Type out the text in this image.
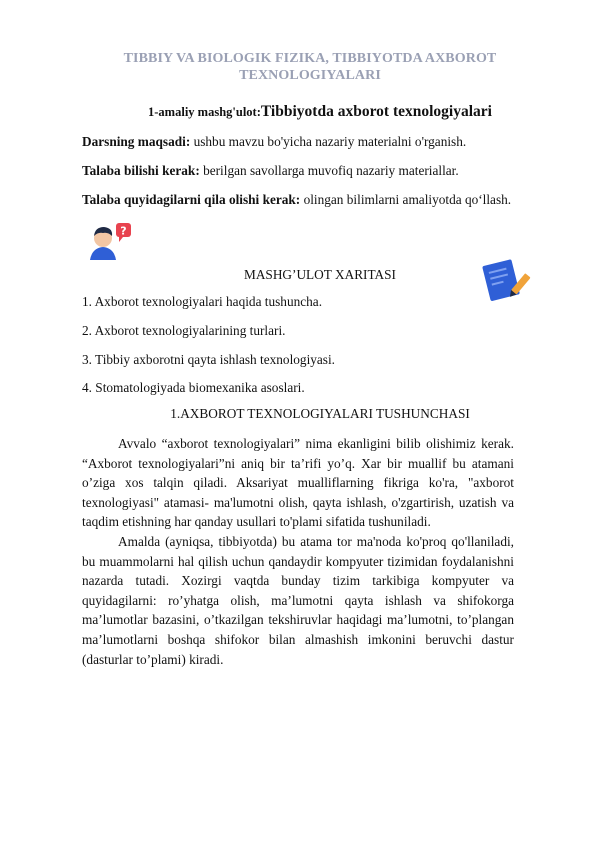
TIBBIY VA BIOLOGIK FIZIKA, TIBBIYOTDA AXBOROT
TEXNOLOGIYALARI
1-amaliy mashg'ulot:Tibbiyotda axborot texnologiyalari
Darsning maqsadi: ushbu mavzu bo'yicha nazariy materialni o'rganish.
Talaba bilishi kerak: berilgan savollarga muvofiq nazariy materiallar.
Talaba quyidagilarni qila olishi kerak: olingan bilimlarni amaliyotda qo‘llash.
?
MASHG’ULOT XARITASI
1. Axborot texnologiyalari haqida tushuncha.
2. Axborot texnologiyalarining turlari.
3. Tibbiy axborotni qayta ishlash texnologiyasi.
4. Stomatologiyada biomexanika asoslari.
1.AXBOROT TEXNOLOGIYALARI TUSHUNCHASI

Avvalo “axborot texnologiyalari” nima ekanligini bilib olishimiz kerak. “Axborot texnologiyalari”ni aniq bir ta’rifi yo’q. Xar bir muallif bu atamani o’ziga xos talqin qiladi. Aksariyat mualliflarning fikriga ko'ra, "axborot texnologiyasi" atamasi- ma'lumotni olish, qayta ishlash, o'zgartirish, uzatish va taqdim etishning har qanday usullari to'plami sifatida tushuniladi.

Amalda (ayniqsa, tibbiyotda) bu atama tor ma'noda ko'proq qo'llaniladi, bu muammolarni hal qilish uchun qandaydir kompyuter tizimidan foydalanishni nazarda tutadi. Xozirgi vaqtda bunday tizim tarkibiga kompyuter va quyidagilarni: ro’yhatga olish, ma’lumotni qayta ishlash va shifokorga ma’lumotlar bazasini, o’tkazilgan tekshiruvlar haqidagi ma’lumotni, to’plangan ma’lumotlarni boshqa shifokor bilan almashish imkonini beruvchi dastur (dasturlar to’plami) kiradi.
